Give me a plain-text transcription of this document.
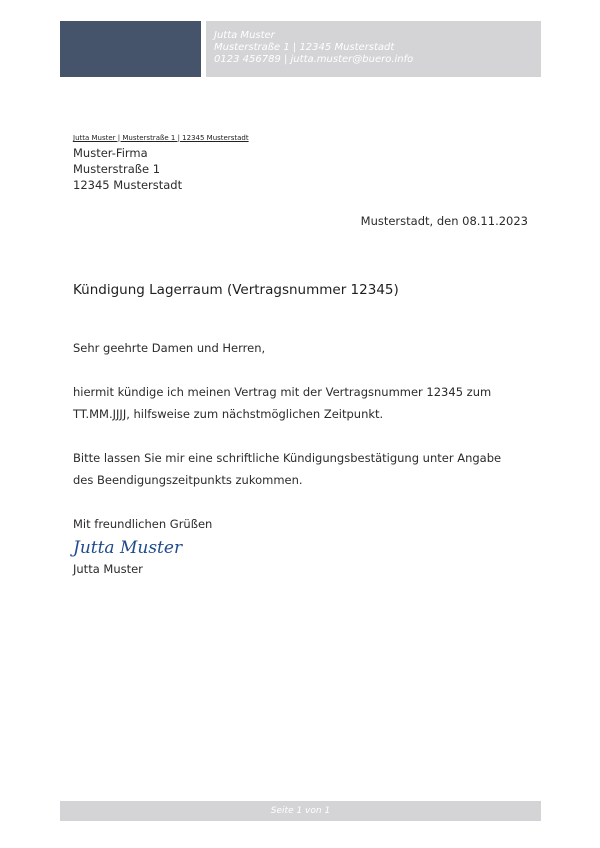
Jutta Muster
Musterstraße 1 | 12345 Musterstadt
0123 456789 | jutta.muster@buero.info
Jutta Muster | Musterstraße 1 | 12345 Musterstadt
Muster-Firma
Musterstraße 1
12345 Musterstadt
Musterstadt, den 08.11.2023
Kündigung Lagerraum (Vertragsnummer 12345)

Sehr geehrte Damen und Herren,

hiermit kündige ich meinen Vertrag mit der Vertragsnummer 12345 zum

TT.MM.JJJJ, hilfsweise zum nächstmöglichen Zeitpunkt.

Bitte lassen Sie mir eine schriftliche Kündigungsbestätigung unter Angabe

des Beendigungszeitpunkts zukommen.

Mit freundlichen Grüßen

Jutta Muster
Jutta Muster
Seite 1 von 1
